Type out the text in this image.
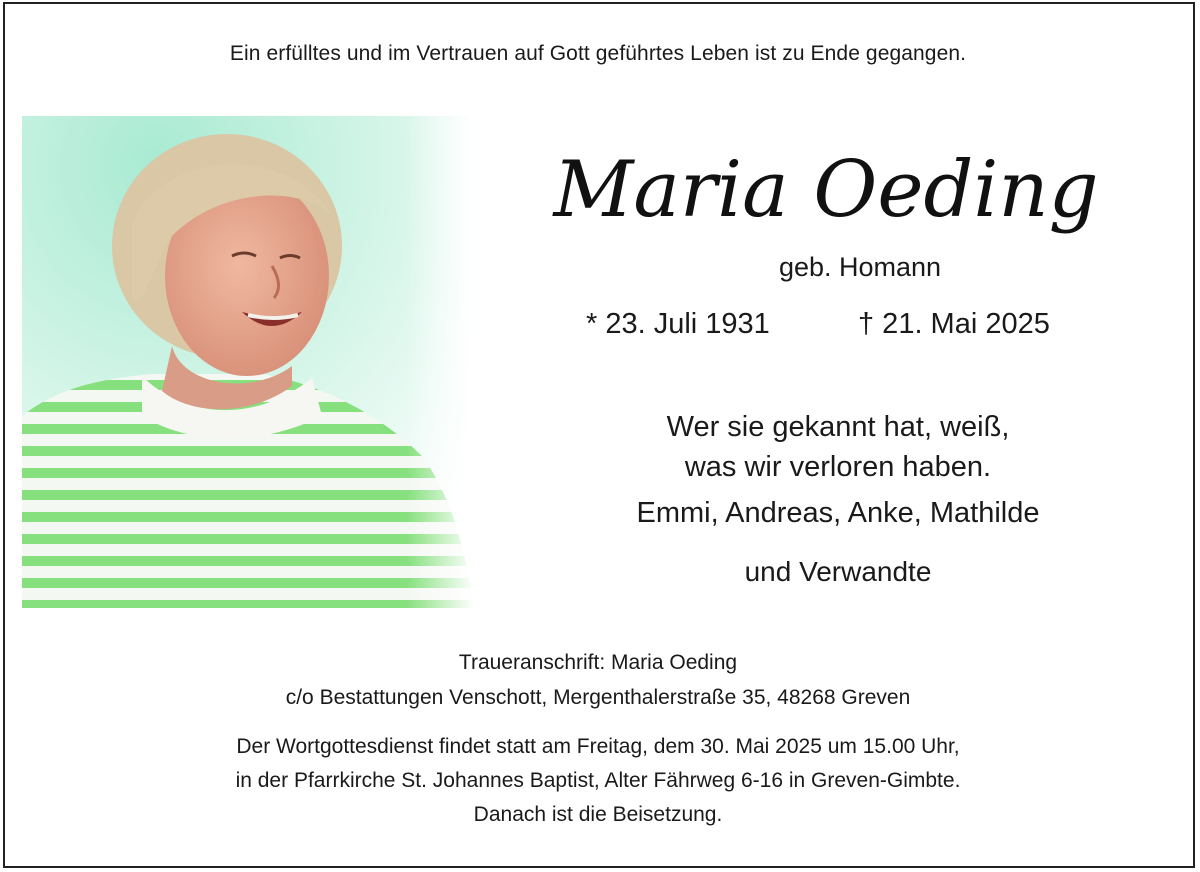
Ein erfülltes und im Vertrauen auf Gott geführtes Leben ist zu Ende gegangen.
Maria Oeding
geb. Homann
* 23. Juli 1931	† 21. Mai 2025
Wer sie gekannt hat, weiß,
was wir verloren haben.
Emmi, Andreas, Anke, Mathilde
und Verwandte
Traueranschrift: Maria Oeding
c/o Bestattungen Venschott, Mergenthalerstraße 35, 48268 Greven
Der Wortgottesdienst findet statt am Freitag, dem 30. Mai 2025 um 15.00 Uhr,
in der Pfarrkirche St. Johannes Baptist, Alter Fährweg 6-16 in Greven-Gimbte.
Danach ist die Beisetzung.
